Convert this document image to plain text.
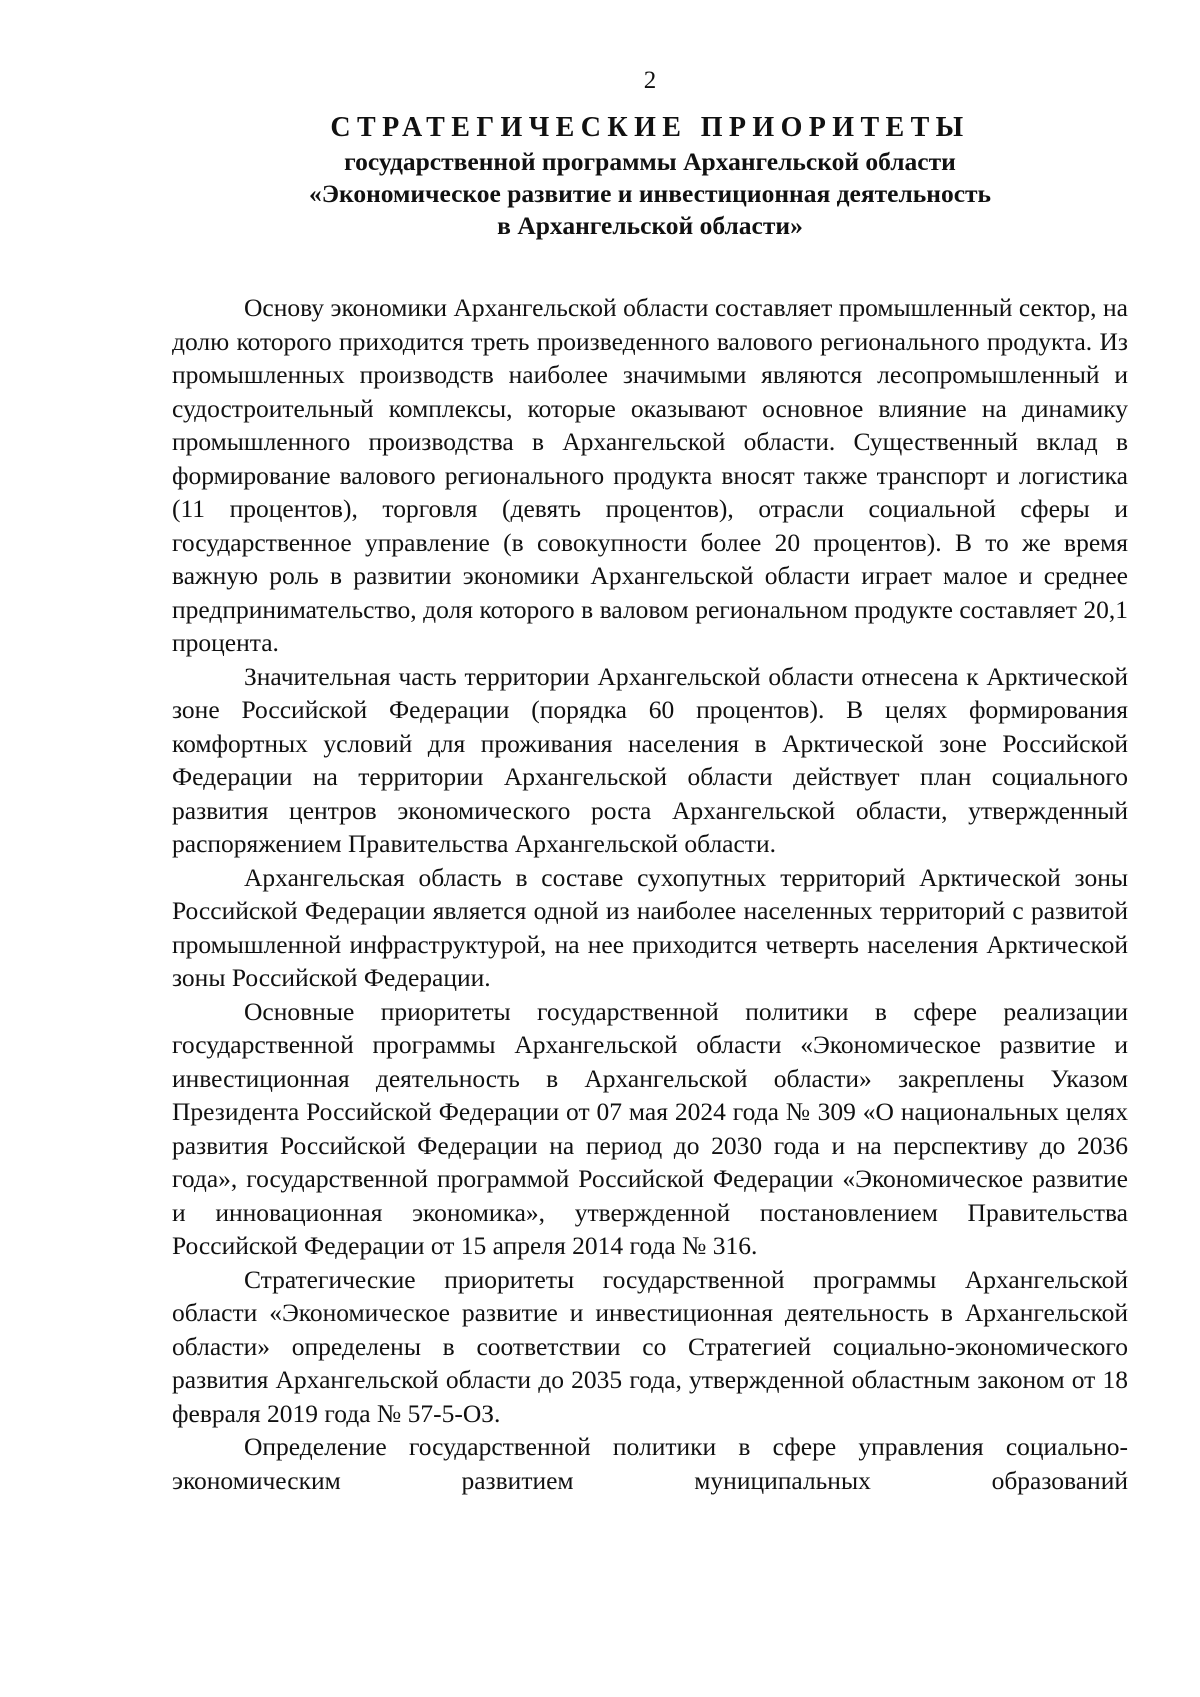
2
СТРАТЕГИЧЕСКИЕ ПРИОРИТЕТЫ
государственной программы Архангельской области
«Экономическое развитие и инвестиционная деятельность
в Архангельской области»

Основу экономики Архангельской области составляет промышленный сектор, на долю которого приходится треть произведенного валового регионального продукта. Из промышленных производств наиболее значимыми являются лесопромышленный и судостроительный комплексы, которые оказывают основное влияние на динамику промышленного производства в Архангельской области. Существенный вклад в формирование валового регионального продукта вносят также транспорт и логистика (11 процентов), торговля (девять процентов), отрасли социальной сферы и государственное управление (в совокупности более 20 процентов). В то же время важную роль в развитии экономики Архангельской области играет малое и среднее предпринимательство, доля которого в валовом региональном продукте составляет 20,1 процента.

Значительная часть территории Архангельской области отнесена к Арктической зоне Российской Федерации (порядка 60 процентов). В целях формирования комфортных условий для проживания населения в Арктической зоне Российской Федерации на территории Архангельской области действует план социального развития центров экономического роста Архангельской области, утвержденный распоряжением Правительства Архангельской области.

Архангельская область в составе сухопутных территорий Арктической зоны Российской Федерации является одной из наиболее населенных территорий с развитой промышленной инфраструктурой, на нее приходится четверть населения Арктической зоны Российской Федерации.

Основные приоритеты государственной политики в сфере реализации государственной программы Архангельской области «Экономическое развитие и инвестиционная деятельность в Архангельской области» закреплены Указом Президента Российской Федерации от 07 мая 2024 года № 309 «О национальных целях развития Российской Федерации на период до 2030 года и на перспективу до 2036 года», государственной программой Российской Федерации «Экономическое развитие и инновационная экономика», утвержденной постановлением Правительства Российской Федерации от 15 апреля 2014 года № 316.

Стратегические приоритеты государственной программы Архангельской области «Экономическое развитие и инвестиционная деятельность в Архангельской области» определены в соответствии со Стратегией социально-экономического развития Архангельской области до 2035 года, утвержденной областным законом от 18 февраля 2019 года № 57-5-ОЗ.

Определение государственной политики в сфере управления социально-экономическим развитием муниципальных образований
